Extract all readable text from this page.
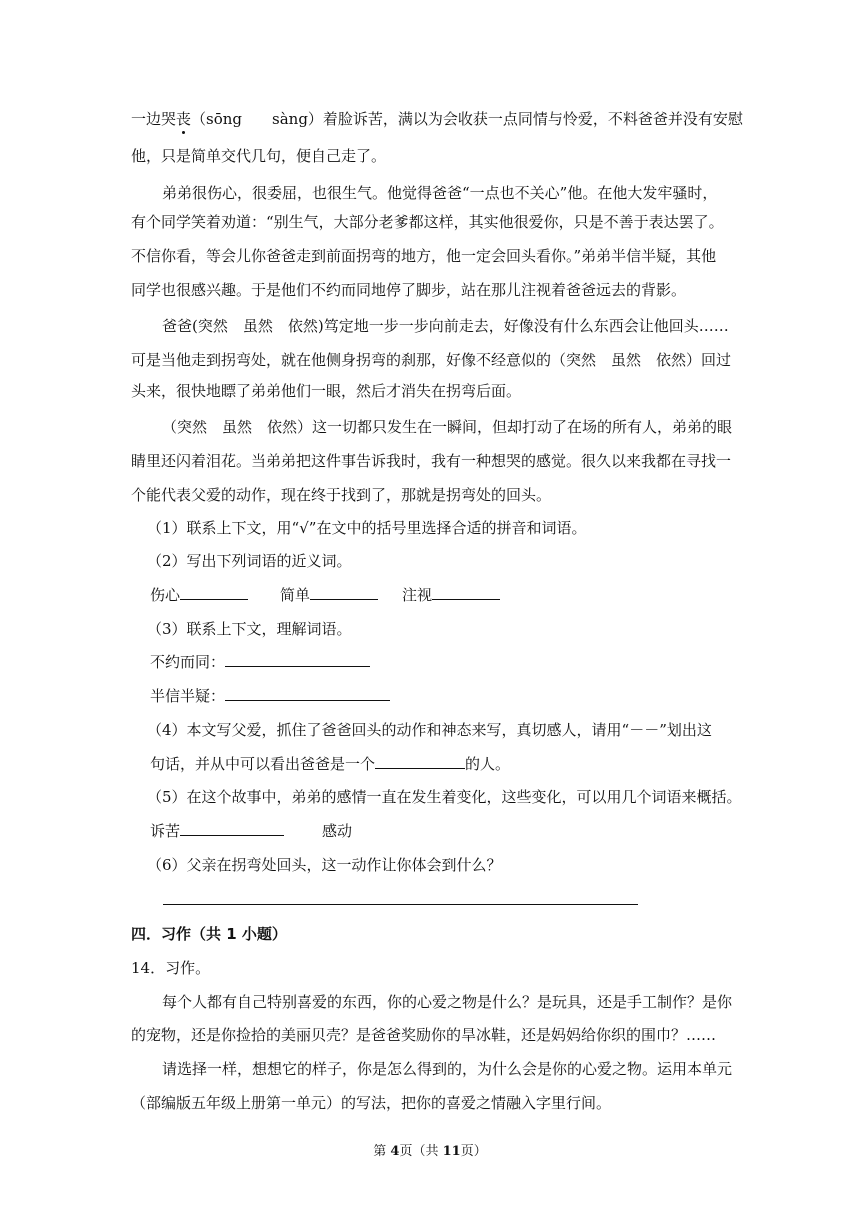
一边哭丧（sōng sàng）着脸诉苦，满以为会收获一点同情与怜爱，不料爸爸并没有安慰
他，只是简单交代几句，便自己走了。
弟弟很伤心，很委屈，也很生气。他觉得爸爸“一点也不关心”他。在他大发牢骚时，
有个同学笑着劝道：“别生气，大部分老爹都这样，其实他很爱你，只是不善于表达罢了。
不信你看，等会儿你爸爸走到前面拐弯的地方，他一定会回头看你。”弟弟半信半疑，其他
同学也很感兴趣。于是他们不约而同地停了脚步，站在那儿注视着爸爸远去的背影。
爸爸(突然　虽然　依然)笃定地一步一步向前走去，好像没有什么东西会让他回头……
可是当他走到拐弯处，就在他侧身拐弯的刹那，好像不经意似的（突然　虽然　依然）回过
头来，很快地瞟了弟弟他们一眼，然后才消失在拐弯后面。
（突然　虽然　依然）这一切都只发生在一瞬间，但却打动了在场的所有人，弟弟的眼
睛里还闪着泪花。当弟弟把这件事告诉我时，我有一种想哭的感觉。很久以来我都在寻找一
个能代表父爱的动作，现在终于找到了，那就是拐弯处的回头。
（1）联系上下文，用“√”在文中的括号里选择合适的拼音和词语。
（2）写出下列词语的近义词。
伤心	简单	注视
（3）联系上下文，理解词语。
不约而同：
半信半疑：
（4）本文写父爱，抓住了爸爸回头的动作和神态来写，真切感人，请用“－－”划出这
句话，并从中可以看出爸爸是一个	的人。
（5）在这个故事中，弟弟的感情一直在发生着变化，这些变化，可以用几个词语来概括。
诉苦	感动
（6）父亲在拐弯处回头，这一动作让你体会到什么？
四．习作（共 1 小题）
14．习作。
每个人都有自己特别喜爱的东西，你的心爱之物是什么？是玩具，还是手工制作？是你
的宠物，还是你捡拾的美丽贝壳？是爸爸奖励你的旱冰鞋，还是妈妈给你织的围巾？……
请选择一样，想想它的样子，你是怎么得到的，为什么会是你的心爱之物。运用本单元
（部编版五年级上册第一单元）的写法，把你的喜爱之情融入字里行间。
第 4页（共 11页）
